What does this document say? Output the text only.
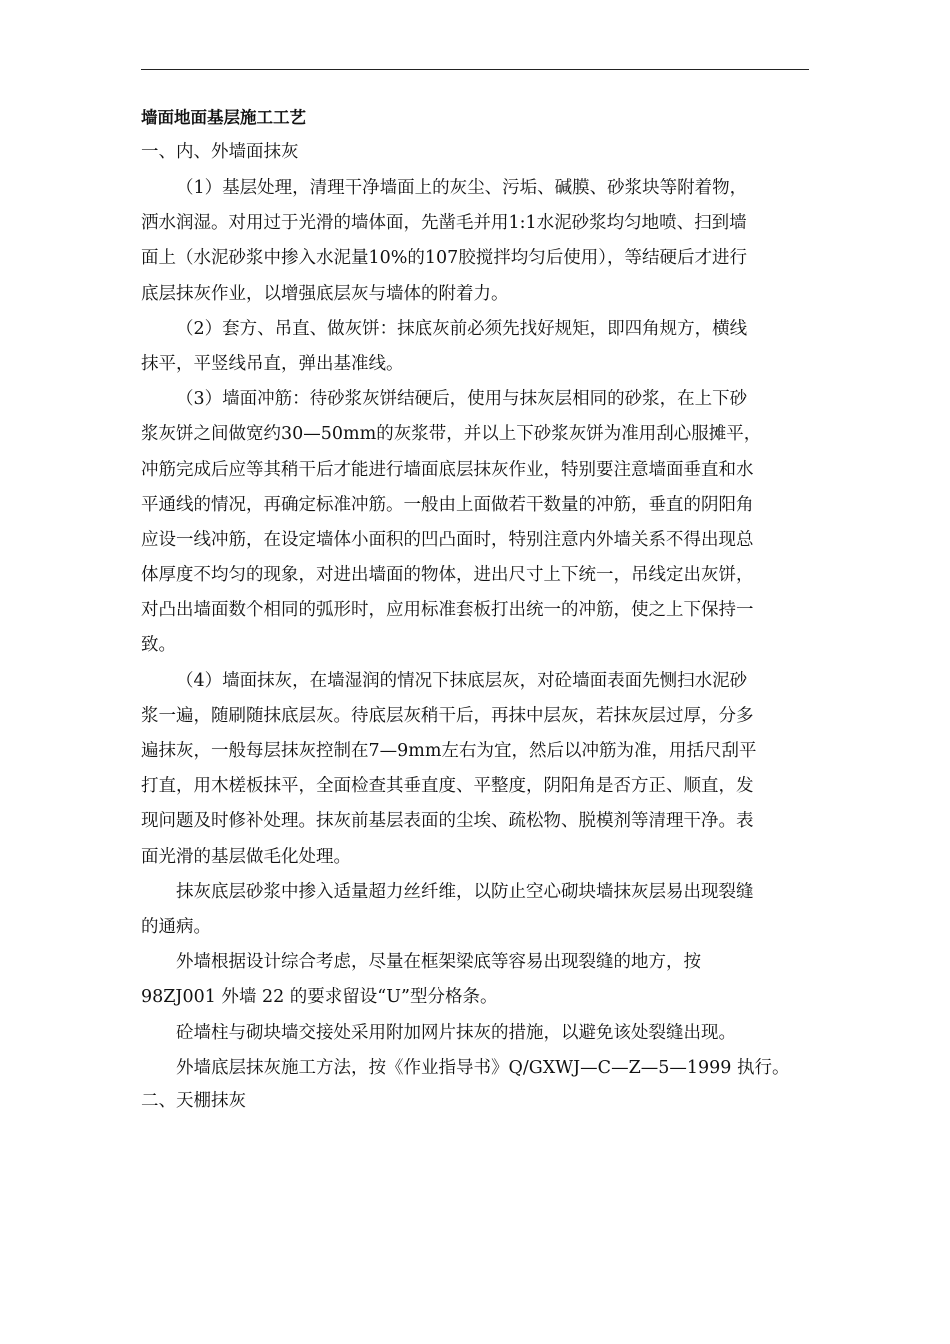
墙面地面基层施工工艺
一、内、外墙面抹灰
（1）基层处理，清理干净墙面上的灰尘、污垢、碱膜、砂浆块等附着物，
洒水润湿。对用过于光滑的墙体面，先凿毛并用1:1水泥砂浆均匀地喷、扫到墙
面上（水泥砂浆中掺入水泥量10%的107胶搅拌均匀后使用），等结硬后才进行
底层抹灰作业，以增强底层灰与墙体的附着力。
（2）套方、吊直、做灰饼：抹底灰前必须先找好规矩，即四角规方，横线
抹平，平竖线吊直，弹出基准线。
（3）墙面冲筋：待砂浆灰饼结硬后，使用与抹灰层相同的砂浆，在上下砂
浆灰饼之间做宽约30—50mm的灰浆带，并以上下砂浆灰饼为准用刮心服摊平，
冲筋完成后应等其稍干后才能进行墙面底层抹灰作业，特别要注意墙面垂直和水
平通线的情况，再确定标准冲筋。一般由上面做若干数量的冲筋，垂直的阴阳角
应设一线冲筋，在设定墙体小面积的凹凸面时，特别注意内外墙关系不得出现总
体厚度不均匀的现象，对进出墙面的物体，进出尺寸上下统一，吊线定出灰饼，
对凸出墙面数个相同的弧形时，应用标准套板打出统一的冲筋，使之上下保持一
致。
（4）墙面抹灰，在墙湿润的情况下抹底层灰，对砼墙面表面先恻扫水泥砂
浆一遍，随刷随抹底层灰。待底层灰稍干后，再抹中层灰，若抹灰层过厚，分多
遍抹灰，一般每层抹灰控制在7—9mm左右为宜，然后以冲筋为准，用括尺刮平
打直，用木槎板抹平，全面检查其垂直度、平整度，阴阳角是否方正、顺直，发
现问题及时修补处理。抹灰前基层表面的尘埃、疏松物、脱模剂等清理干净。表
面光滑的基层做毛化处理。
抹灰底层砂浆中掺入适量超力丝纤维，以防止空心砌块墙抹灰层易出现裂缝
的通病。
外墙根据设计综合考虑，尽量在框架梁底等容易出现裂缝的地方，按
98ZJ001 外墙 22 的要求留设“U”型分格条。
砼墙柱与砌块墙交接处采用附加网片抹灰的措施，以避免该处裂缝出现。
外墙底层抹灰施工方法，按《作业指导书》Q/GXWJ—C—Z—5—1999 执行。
二、天棚抹灰
